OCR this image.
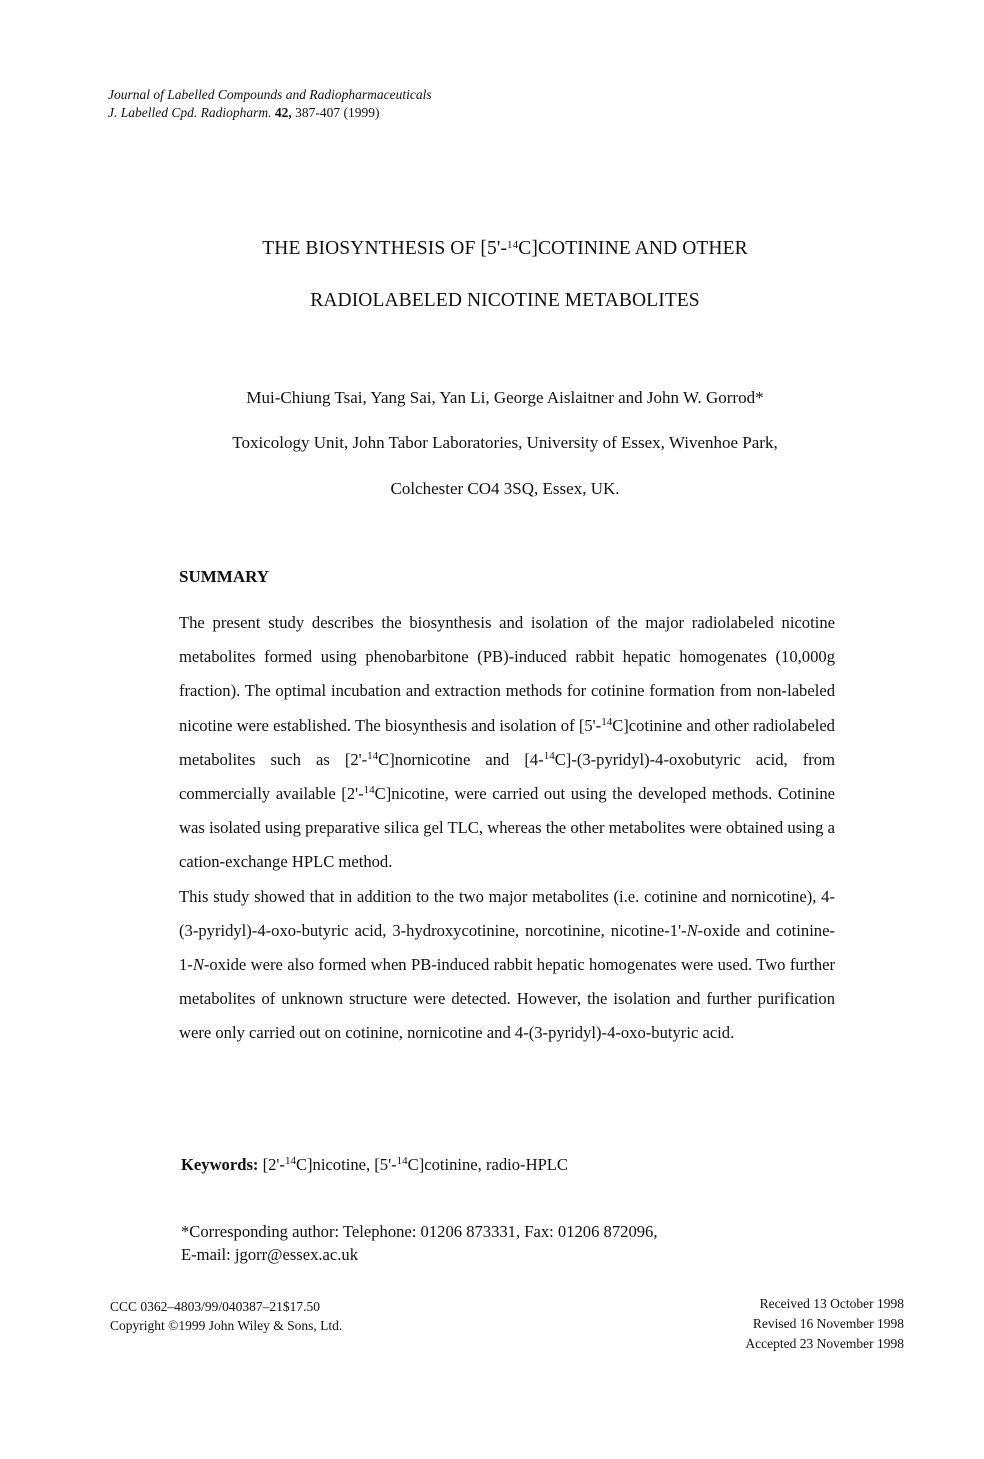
Journal of Labelled Compounds and Radiopharmaceuticals
J. Labelled Cpd. Radiopharm. 42, 387-407 (1999)
THE BIOSYNTHESIS OF [5'-$^{14}$C]COTININE AND OTHER
RADIOLABELED NICOTINE METABOLITES
Mui-Chiung Tsai, Yang Sai, Yan Li, George Aislaitner and John W. Gorrod*
Toxicology Unit, John Tabor Laboratories, University of Essex, Wivenhoe Park,
Colchester CO4 3SQ, Essex, UK.
SUMMARY

The present study describes the biosynthesis and isolation of the major radiolabeled nicotine metabolites formed using phenobarbitone (PB)-induced rabbit hepatic homogenates (10,000g fraction). The optimal incubation and extraction methods for cotinine formation from non-labeled nicotine were established. The biosynthesis and isolation of [5'-$^{14}$C]cotinine and other radiolabeled metabolites such as [2'-$^{14}$C]nornicotine and [4-$^{14}$C]-(3-pyridyl)-4-oxobutyric acid, from commercially available [2'-$^{14}$C]nicotine, were carried out using the developed methods. Cotinine was isolated using preparative silica gel TLC, whereas the other metabolites were obtained using a cation-exchange HPLC method.

This study showed that in addition to the two major metabolites (i.e. cotinine and nornicotine), 4-(3-pyridyl)-4-oxo-butyric acid, 3-hydroxycotinine, norcotinine, nicotine-1'-N-oxide and cotinine-1-N-oxide were also formed when PB-induced rabbit hepatic homogenates were used. Two further metabolites of unknown structure were detected. However, the isolation and further purification were only carried out on cotinine, nornicotine and 4-(3-pyridyl)-4-oxo-butyric acid.

Keywords: [2'-$^{14}$C]nicotine, [5'-$^{14}$C]cotinine, radio-HPLC
*Corresponding author: Telephone: 01206 873331, Fax: 01206 872096,
E-mail: jgorr@essex.ac.uk
CCC 0362–4803/99/040387–21$17.50
Copyright ©1999 John Wiley & Sons, Ltd.
Received 13 October 1998
Revised 16 November 1998
Accepted 23 November 1998
